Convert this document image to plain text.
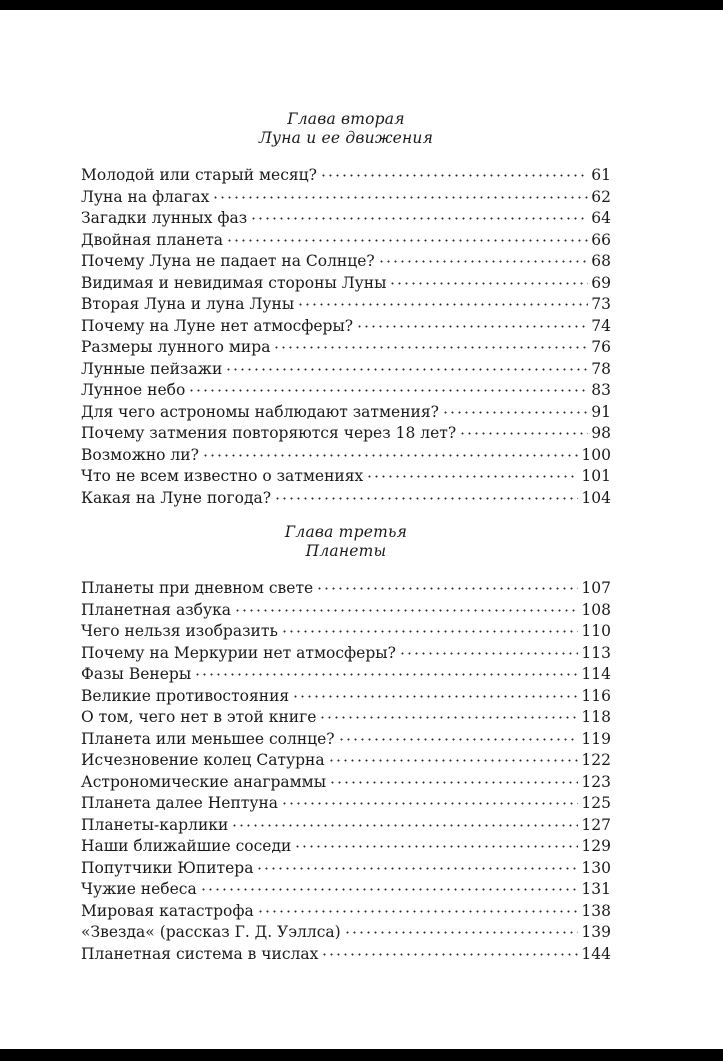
Глава вторая
Луна и ее движения
Молодой или старый месяц?	61
Луна на флагах	62
Загадки лунных фаз	64
Двойная планета	66
Почему Луна не падает на Солнце?	68
Видимая и невидимая стороны Луны	69
Вторая Луна и луна Луны	73
Почему на Луне нет атмосферы?	74
Размеры лунного мира	76
Лунные пейзажи	78
Лунное небо	83
Для чего астрономы наблюдают затмения?	91
Почему затмения повторяются через 18 лет?	98
Возможно ли?	100
Что не всем известно о затмениях	101
Какая на Луне погода?	104
Глава третья
Планеты
Планеты при дневном свете	107
Планетная азбука	108
Чего нельзя изобразить	110
Почему на Меркурии нет атмосферы?	113
Фазы Венеры	114
Великие противостояния	116
О том, чего нет в этой книге	118
Планета или меньшее солнце?	119
Исчезновение колец Сатурна	122
Астрономические анаграммы	123
Планета далее Нептуна	125
Планеты-карлики	127
Наши ближайшие соседи	129
Попутчики Юпитера	130
Чужие небеса	131
Мировая катастрофа	138
«Звезда« (рассказ Г. Д. Уэллса)	139
Планетная система в числах	144
